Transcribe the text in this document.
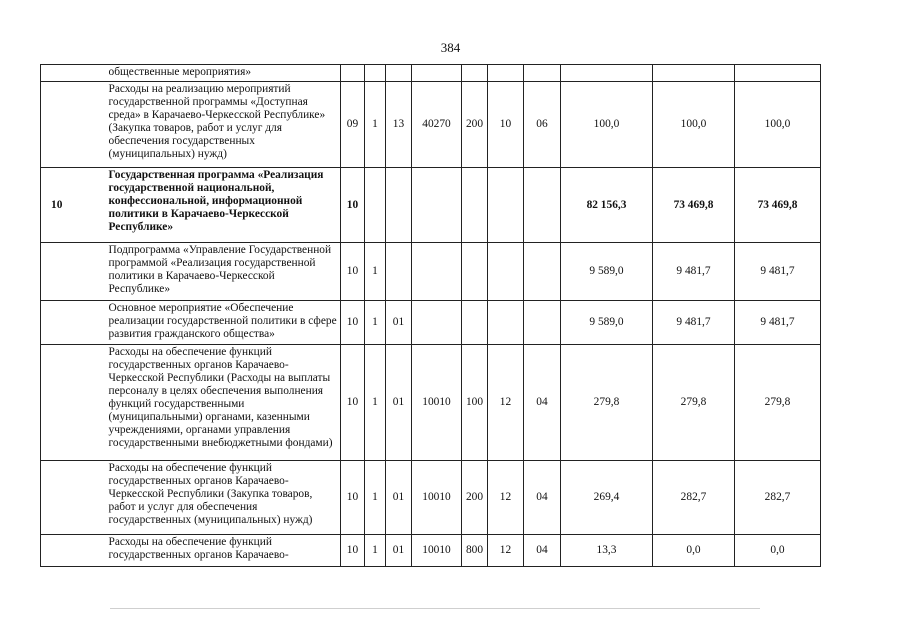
384
	общественные мероприятия»										
	Расходы на реализацию мероприятий государственной программы «Доступная среда» в Карачаево-Черкесской Республике» (Закупка товаров, работ и услуг для обеспечения государственных (муниципальных) нужд)	09	1	13	40270	200	10	06	100,0	100,0	100,0
10	Государственная программа «Реализация государственной национальной, конфессиональной, информационной политики в Карачаево-Черкесской Республике»	10							82 156,3	73 469,8	73 469,8
	Подпрограмма «Управление Государственной программой «Реализация государственной политики в Карачаево-Черкесской Республике»	10	1						9 589,0	9 481,7	9 481,7
	Основное мероприятие «Обеспечение реализации государственной политики в сфере развития гражданского общества»	10	1	01					9 589,0	9 481,7	9 481,7
	Расходы на обеспечение функций государственных органов Карачаево-Черкесской Республики (Расходы на выплаты персоналу в целях обеспечения выполнения функций государственными (муниципальными) органами, казенными учреждениями, органами управления государственными внебюджетными фондами)	10	1	01	10010	100	12	04	279,8	279,8	279,8
	Расходы на обеспечение функций государственных органов Карачаево-Черкесской Республики (Закупка товаров, работ и услуг для обеспечения государственных (муниципальных) нужд)	10	1	01	10010	200	12	04	269,4	282,7	282,7
	Расходы на обеспечение функций государственных органов Карачаево-	10	1	01	10010	800	12	04	13,3	0,0	0,0
